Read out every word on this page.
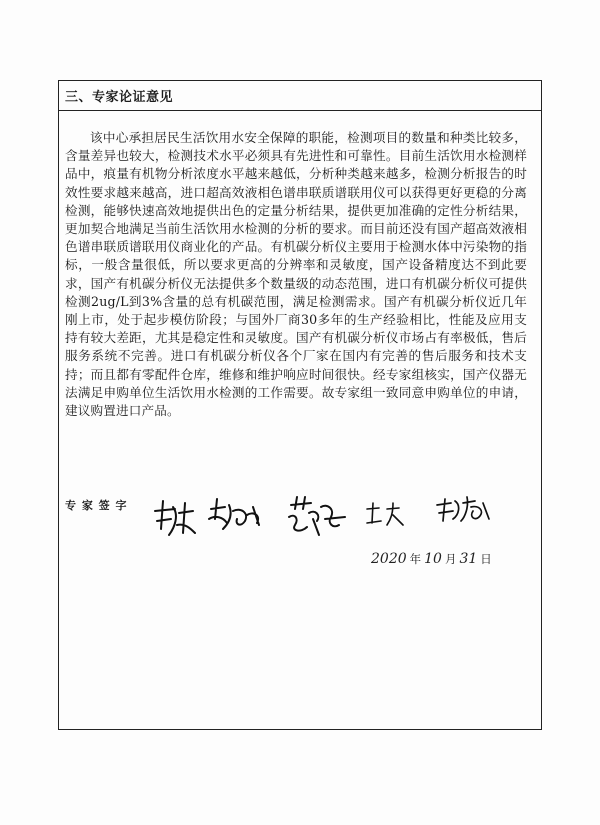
三、专家论证意见
该中心承担居民生活饮用水安全保障的职能，检测项目的数量和种类比较多，含量差异也较大，检测技术水平必须具有先进性和可靠性。目前生活饮用水检测样品中，痕量有机物分析浓度水平越来越低，分析种类越来越多，检测分析报告的时效性要求越来越高，进口超高效液相色谱串联质谱联用仪可以获得更好更稳的分离检测，能够快速高效地提供出色的定量分析结果，提供更加准确的定性分析结果，更加契合地满足当前生活饮用水检测的分析的要求。而目前还没有国产超高效液相色谱串联质谱联用仪商业化的产品。有机碳分析仪主要用于检测水体中污染物的指标，一般含量很低，所以要求更高的分辨率和灵敏度，国产设备精度达不到此要求，国产有机碳分析仪无法提供多个数量级的动态范围，进口有机碳分析仪可提供检测2ug/L到3%含量的总有机碳范围，满足检测需求。国产有机碳分析仪近几年刚上市，处于起步模仿阶段；与国外厂商30多年的生产经验相比，性能及应用支持有较大差距，尤其是稳定性和灵敏度。国产有机碳分析仪市场占有率极低，售后服务系统不完善。进口有机碳分析仪各个厂家在国内有完善的售后服务和技术支持；而且都有零配件仓库，维修和维护响应时间很快。经专家组核实，国产仪器无法满足申购单位生活饮用水检测的工作需要。故专家组一致同意申购单位的申请，建议购置进口产品。
专 家 签 字
2020 年 10 月 31 日
